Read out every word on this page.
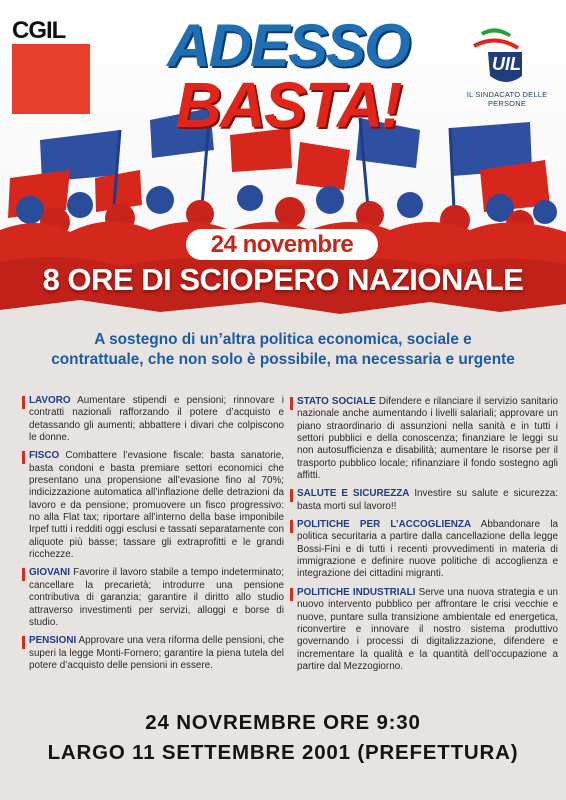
CGIL
UIL
IL SINDACATO DELLE PERSONE
ADESSO
BASTA!
24 novembre
8 ORE DI SCIOPERO NAZIONALE
A sostegno di un’altra politica economica, sociale e
contrattuale, che non solo è possibile, ma necessaria e urgente
LAVORO Aumentare stipendi e pensioni; rinnovare i contratti nazionali rafforzando il potere d’acquisto e detassando gli aumenti; abbattere i divari che colpiscono le donne.
FISCO Combattere l’evasione fiscale: basta sanatorie, basta condoni e basta premiare settori economici che presentano una propensione all’evasione fino al 70%; indicizzazione automatica all’inflazione delle detrazioni da lavoro e da pensione; promuovere un fisco progressivo: no alla Flat tax; riportare all’interno della base imponibile Irpef tutti i redditi oggi esclusi e tassati separatamente con aliquote più basse; tassare gli extraprofitti e le grandi ricchezze.
GIOVANI Favorire il lavoro stabile a tempo indeterminato; cancellare la precarietà; introdurre una pensione contributiva di garanzia; garantire il diritto allo studio attraverso investimenti per servizi, alloggi e borse di studio.
PENSIONI Approvare una vera riforma delle pensioni, che superi la legge Monti-Fornero; garantire la piena tutela del potere d’acquisto delle pensioni in essere.
STATO SOCIALE Difendere e rilanciare il servizio sanitario nazionale anche aumentando i livelli salariali; approvare un piano straordinario di assunzioni nella sanità e in tutti i settori pubblici e della conoscenza; finanziare le leggi su non autosufficienza e disabilità; aumentare le risorse per il trasporto pubblico locale; rifinanziare il fondo sostegno agli affitti.
SALUTE E SICUREZZA Investire su salute e sicurezza: basta morti sul lavoro!!
POLITICHE PER L’ACCOGLIENZA Abbandonare la politica securitaria a partire dalla cancellazione della legge Bossi-Fini e di tutti i recenti provvedimenti in materia di immigrazione e definire nuove politiche di accoglienza e integrazione dei cittadini migranti.
POLITICHE INDUSTRIALI Serve una nuova strategia e un nuovo intervento pubblico per affrontare le crisi vecchie e nuove, puntare sulla transizione ambientale ed energetica, riconvertire e innovare il nostro sistema produttivo governando i processi di digitalizzazione, difendere e incrementare la qualità e la quantità dell’occupazione a partire dal Mezzogiorno.
24 NOVREMBRE ORE 9:30
LARGO 11 SETTEMBRE 2001 (PREFETTURA)
